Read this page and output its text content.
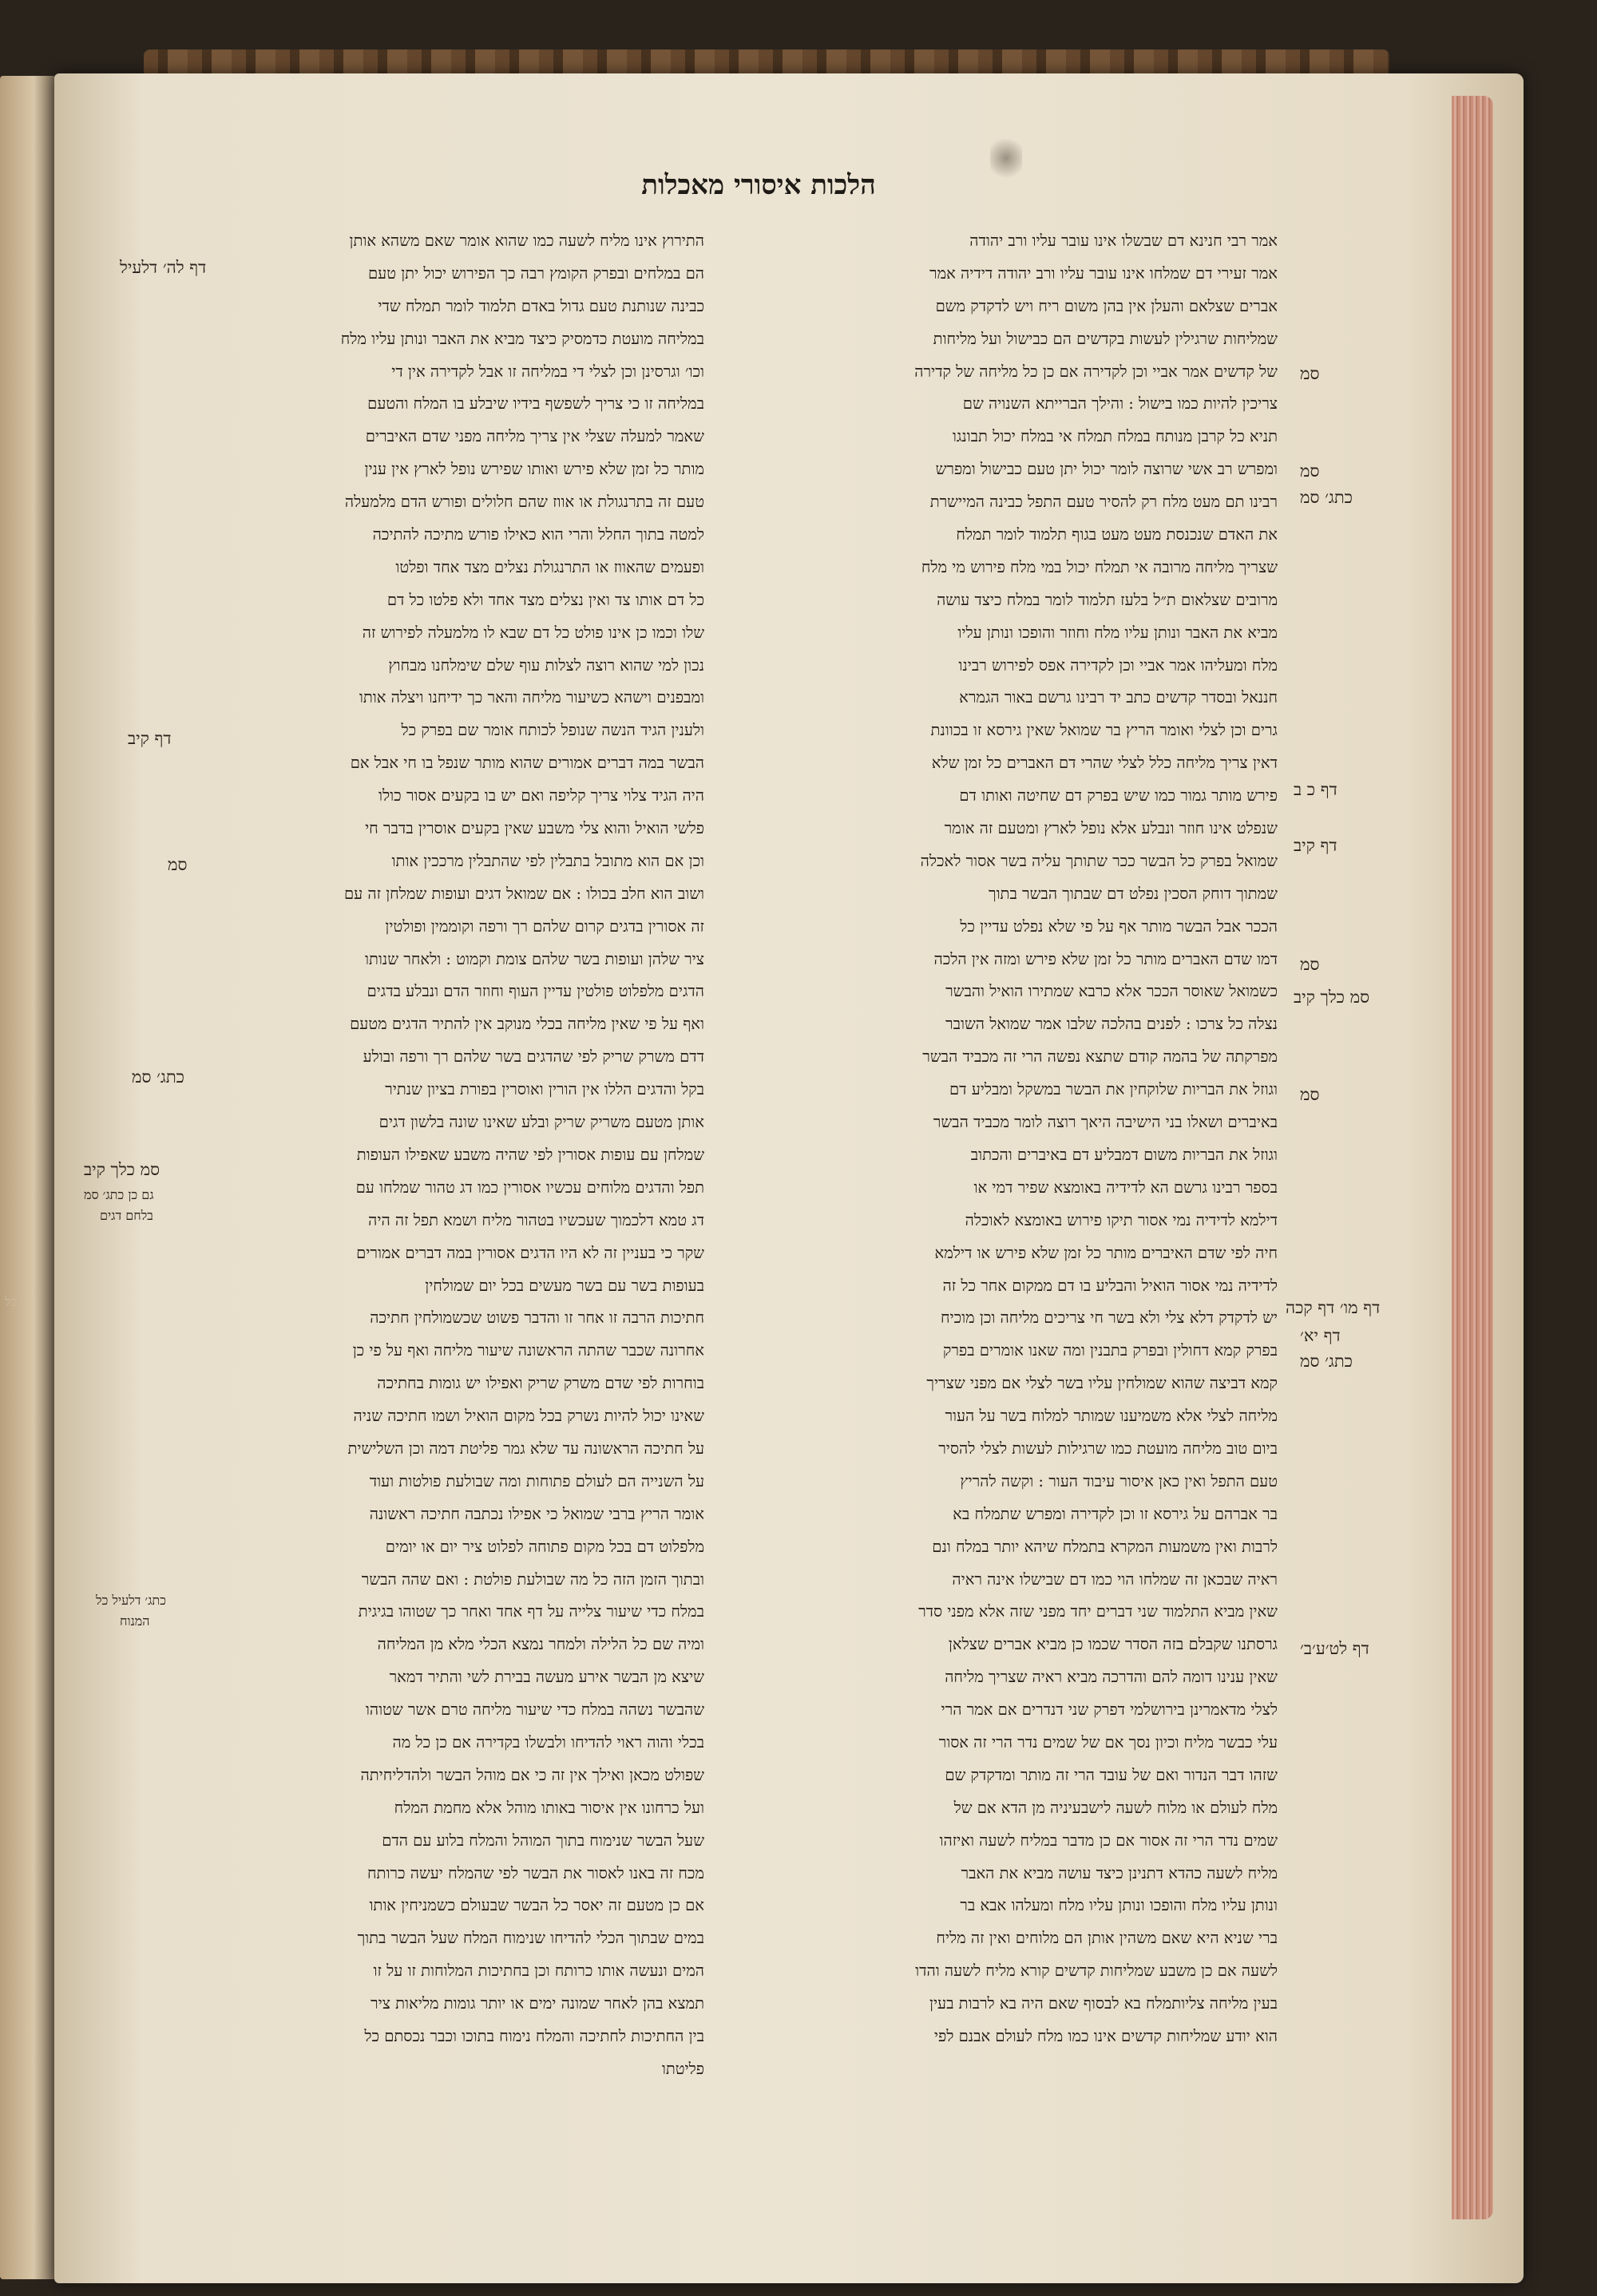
הלכות איסורי מאכלות
אמר רבי חנינא דם שבשלו אינו עובר עליו ורב יהודה
אמר זעירי דם שמלחו אינו עובר עליו ורב יהודה דידיה אמר
אברים שצלאם והעלן אין בהן משום ריח ויש לדקדק משם
שמליחות שרגילין לעשות בקדשים הם כבישול ועל מליחות
של קדשים אמר אביי וכן לקדירה אם כן כל מליחה של קדירה
צריכין להיות כמו בישול : והילך הברייתא השנויה שם
תניא כל קרבן מנותח במלח תמלח אי במלח יכול תבונגו
ומפרש רב אשי שרוצה לומר יכול יתן טעם כבישול ומפרש
רבינו תם מעט מלח רק להסיר טעם התפל כבינה המיישרת
את האדם שנכנסת מעט מעט בגוף תלמוד לומר תמלח
שצריך מליחה מרובה אי תמלח יכול במי מלח פירוש מי מלח
מרובים שצלאום ת״ל בלעז תלמוד לומר במלח כיצד עושה
מביא את האבר ונותן עליו מלח וחוזר והופכו ונותן עליו
מלח ומעליהו אמר אביי וכן לקדירה אפס לפירוש רבינו
חננאל ובסדר קדשים כתב יד רבינו גרשם באור הגמרא
גרים וכן לצלי ואומר הריץ בר שמואל שאין גירסא זו בכוונת
דאין צריך מליחה כלל לצלי שהרי דם האברים כל זמן שלא
פירש מותר גמור כמו שיש בפרק דם שחיטה ואותו דם
שנפלט אינו חוזר ונבלע אלא נופל לארץ ומטעם זה אומר
שמואל בפרק כל הבשר ככר שתותך עליה בשר אסור לאכלה
שמתוך דוחק הסכין נפלט דם שבתוך הבשר בתוך
הככר אבל הבשר מותר אף על פי שלא נפלט עדיין כל
דמו שדם האברים מותר כל זמן שלא פירש ומזה אין הלכה
כשמואל שאוסר הככר אלא כרבא שמתירו הואיל והבשר
נצלה כל צרכו : לפנים בהלכה שלבו אמר שמואל השובר
מפרקתה של בהמה קודם שתצא נפשה הרי זה מכביד הבשר
וגוזל את הבריות שלוקחין את הבשר במשקל ומבליע דם
באיברים ושאלו בני הישיבה היאך רוצה לומר מכביד הבשר
וגוזל את הבריות משום דמבליע דם באיברים והכתוב
בספר רבינו גרשם הא לדידיה באומצא שפיר דמי או
דילמא לדידיה נמי אסור תיקו פירוש באומצא לאוכלה
חיה לפי שדם האיברים מותר כל זמן שלא פירש או דילמא
לדידיה נמי אסור הואיל והבליע בו דם ממקום אחר כל זה
יש לדקדק דלא צלי ולא בשר חי צריכים מליחה וכן מוכיח
בפרק קמא דחולין ובפרק בתבנין ומה שאנו אומרים בפרק
קמא דביצה שהוא שמולחין עליו בשר לצלי אם מפני שצריך
מליחה לצלי אלא משמיענו שמותר למלוח בשר על העור
ביום טוב מליחה מועטת כמו שרגילות לעשות לצלי להסיר
טעם התפל ואין כאן איסור עיבוד העור : וקשה להריץ
בר אברהם על גירסא זו וכן לקדירה ומפרש שתמלח בא
לרבות ואין משמעות המקרא בתמלח שיהא יותר במלח ונם
ראיה שבכאן זה שמלחו הוי כמו דם שבישלו אינה ראיה
שאין מביא התלמוד שני דברים יחד מפני שזה אלא מפני סדר
גרסתנו שקבלם בזה הסדר שכמו כן מביא אברים שצלאן
שאין ענינו דומה להם והדרכה מביא ראיה שצריך מליחה
לצלי מדאמרינן בירושלמי דפרק שני דנדרים אם אמר הרי
עלי כבשר מליח וכיון נסך אם של שמים נדר הרי זה אסור
שזהו דבר הנדור ואם של עובד הרי זה מותר ומדקדק שם
מלח לעולם או מלוח לשעה לישבעיניה מן הדא אם של
שמים נדר הרי זה אסור אם כן מדבר במליח לשעה ואיזהו
מליח לשעה כהדא דתנינן כיצד עושה מביא את האבר
ונותן עליו מלח והופכו ונותן עליו מלח ומעלהו אבא בר
ברי שניא היא שאם משהין אותן הם מלוחים ואין זה מליח
לשעה אם כן משבע שמליחות קדשים קורא מליח לשעה והדו
בעין מליחה צליותמלח בא לבסוף שאם היה בא לרבות בעין
הוא יודע שמליחות קדשים אינו כמו מלח לעולם אבנם לפי
התירוץ אינו מליח לשעה כמו שהוא אומר שאם משהא אותן
הם במלחים ובפרק הקומץ רבה כך הפירוש יכול יתן טעם
כבינה שנותנת טעם גדול באדם תלמוד לומר תמלח שדי
במליחה מועטת כדמסיק כיצד מביא את האבר ונותן עליו מלח
וכו׳ וגרסינן וכן לצלי די במליחה זו אבל לקדירה אין די
במליחה זו כי צריך לשפשף בידיו שיבלע בו המלח והטעם
שאמר למעלה שצלי אין צריך מליחה מפני שדם האיברים
מותר כל זמן שלא פירש ואותו שפירש נופל לארץ אין ענין
טעם זה בתרנגולת או אווז שהם חלולים ופורש הדם מלמעלה
למטה בתוך החלל והרי הוא כאילו פורש מתיכה להתיכה
ופעמים שהאווז או התרנגולת נצלים מצד אחד ופלטו
כל דם אותו צד ואין נצלים מצד אחד ולא פלטו כל דם
שלו וכמו כן אינו פולט כל דם שבא לו מלמעלה לפירוש זה
נכון למי שהוא רוצה לצלות עוף שלם שימלחנו מבחוץ
ומבפנים וישהא כשיעור מליחה והאר כך ידיחנו ויצלה אותו
ולענין הגיד הנשה שנופל לכותח אומר שם בפרק כל
הבשר במה דברים אמורים שהוא מותר שנפל בו חי אבל אם
היה הגיד צלוי צריך קליפה ואם יש בו בקעים אסור כולו
פלשי הואיל והוא צלי משבע שאין בקעים אוסרין בדבר חי
וכן אם הוא מתובל בתבלין לפי שהתבלין מרככין אותו
ושוב הוא חלב בכולו : אם שמואל דגים ועופות שמלחן זה עם
זה אסורין בדגים קרום שלהם רך ורפה וקוממין ופולטין
ציר שלהן ועופות בשר שלהם צומת וקמוט : ולאחר שנותו
הדגים מלפלוט פולטין עדיין העוף וחוזר הדם ונבלע בדגים
ואף על פי שאין מליחה בכלי מנוקב אין להתיר הדגים מטעם
דדם משרק שריק לפי שהדגים בשר שלהם רך ורפה ובולע
בקל והדגים הללו אין הורין ואוסרין בפורת בציון שנתיר
אותן מטעם משריק שריק ובלע שאינו שונה בלשון דגים
שמלחן עם עופות אסורין לפי שהיה משבע שאפילו העופות
תפל והדגים מלוחים עכשיו אסורין כמו דג טהור שמלחו עם
דג טמא דלכמוך שעכשיו בטהור מליח ושמא תפל זה היה
שקר כי בעניין זה לא היו הדגים אסורין במה דברים אמורים
בעופות בשר עם בשר מעשים בכל יום שמולחין
חתיכות הרבה זו אחר זו והדבר פשוט שכשמולחין חתיכה
אחרונה שכבר שהתה הראשונה שיעור מליחה ואף על פי כן
בוחרות לפי שדם משרק שריק ואפילו יש גומות בחתיכה
שאינו יכול להיות נשרק בכל מקום הואיל ושמו חתיכה שניה
על חתיכה הראשונה עד שלא גמר פליטת דמה וכן השלישית
על השנייה הם לעולם פתוחות ומה שבולעת פולטות ועוד
אומר הריץ ברבי שמואל כי אפילו נכתבה חתיכה ראשונה
מלפלוט דם בכל מקום פתוחה לפלוט ציר יום או יומים
ובתוך הזמן הזה כל מה שבולעת פולטת : ואם שהה הבשר
במלח כדי שיעור צלייה על דף אחד ואחר כך שטוהו בגיגית
ומיה שם כל הלילה ולמחר נמצא הכלי מלא מן המליחה
שיצא מן הבשר אירע מעשה בבירת לשי והתיר דמאר
שהבשר נשהה במלח כדי שיעור מליחה טרם אשר שטוהו
בכלי והוה ראוי להדיחו ולבשלו בקדירה אם כן כל מה
שפולט מכאן ואילך אין זה כי אם מוהל הבשר ולהדליחיתה
ועל כרחונו אין איסור באותו מוהל אלא מחמת המלח
שעל הבשר שנימוח בתוך המוהל והמלח בלוע עם הדם
מכח זה באנו לאסור את הבשר לפי שהמלח יעשה כרותח
אם כן מטעם זה יאסר כל הבשר שבעולם כשמניחין אותו
במים שבתוך הכלי להדיחו שנימוח המלח שעל הבשר בתוך
המים ונעשה אותו כרותח וכן בחתיכות המלוחות זו על זו
תמצא בהן לאחר שמונה ימים או יותר גומות מליאות ציר
בין החתיכות לחתיכה והמלח נימוח בתוכו וכבר נכסתם כל
פליטתו
סמ
סמ
כתג׳ סמ
דף כ ב
דף קיב
סמ
סמ כלך קיב
סמ
דף מו׳ דף קכה
דף יא׳
כתג׳ סמ
דף לט׳ע׳ב׳
דף לה׳ דלעיל
דף קיב
סמ
כתג׳ סמ
סמ כלך קיב
גם כן כתג׳ סמ
בלחם דגים
כתג׳ דלעיל כל
המנוח
כל
